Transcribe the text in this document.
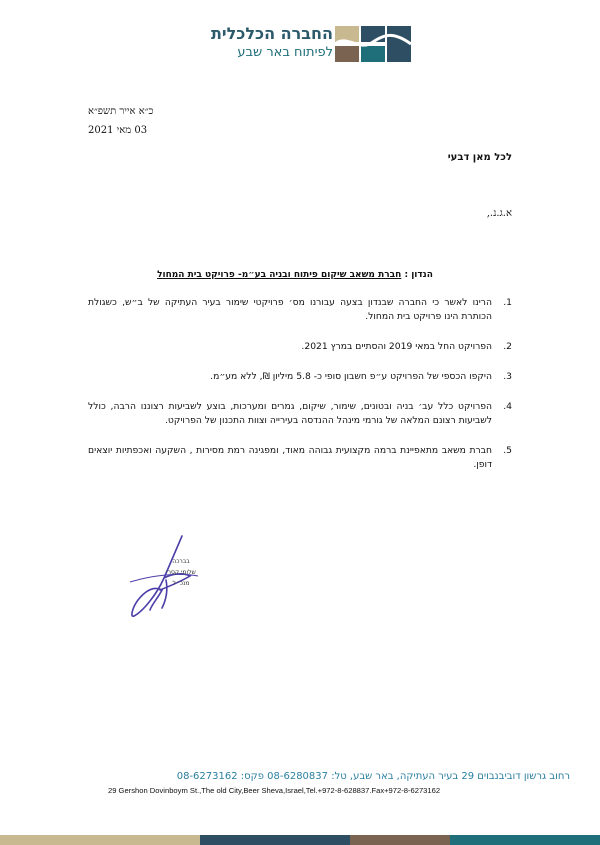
החברה הכלכלית
לפיתוח באר שבע
כ״א אייר תשפ״א
03 מאי 2021
לכל מאן דבעי
א.ג.נ.,
הנדון : חברת משאב שיקום פיתוח ובניה בע״מ- פרויקט בית המחול
1.
הרינו לאשר כי החברה שבנדון בצעה עבורנו מס׳ פרויקטי שימור בעיר העתיקה של ב״ש, כשגולת הכותרת הינו פרויקט בית המחול.
2.
הפרויקט החל במאי 2019 והסתיים במרץ 2021.
3.
היקפו הכספי של הפרויקט ע״פ חשבון סופי כ- 5.8 מיליון ₪, ללא מע״מ.
4.
הפרויקט כלל עב׳ בניה ובטונים, שימור, שיקום, גמרים ומערכות, בוצע לשביעות רצוננו הרבה, כולל לשביעות רצונם המלאה של גורמי מינהל ההנדסה בעירייה וצוות התכנון של הפרויקט.
5.
חברת משאב מתאפיינת ברמה מקצועית גבוהה מאוד, ומפגינה רמת מסירות , השקעה ואכפתיות יוצאים דופן.
בברכה
שלומי קסרי
מנכ״ל
רחוב גרשון דוביבנבוים 29 בעיר העתיקה, באר שבע, טל: 08-6280837 פקס: 08-6273162
29 Gershon Dovinboym St.,The old City,Beer Sheva,Israel,Tel.+972-8-628837.Fax+972-8-6273162
